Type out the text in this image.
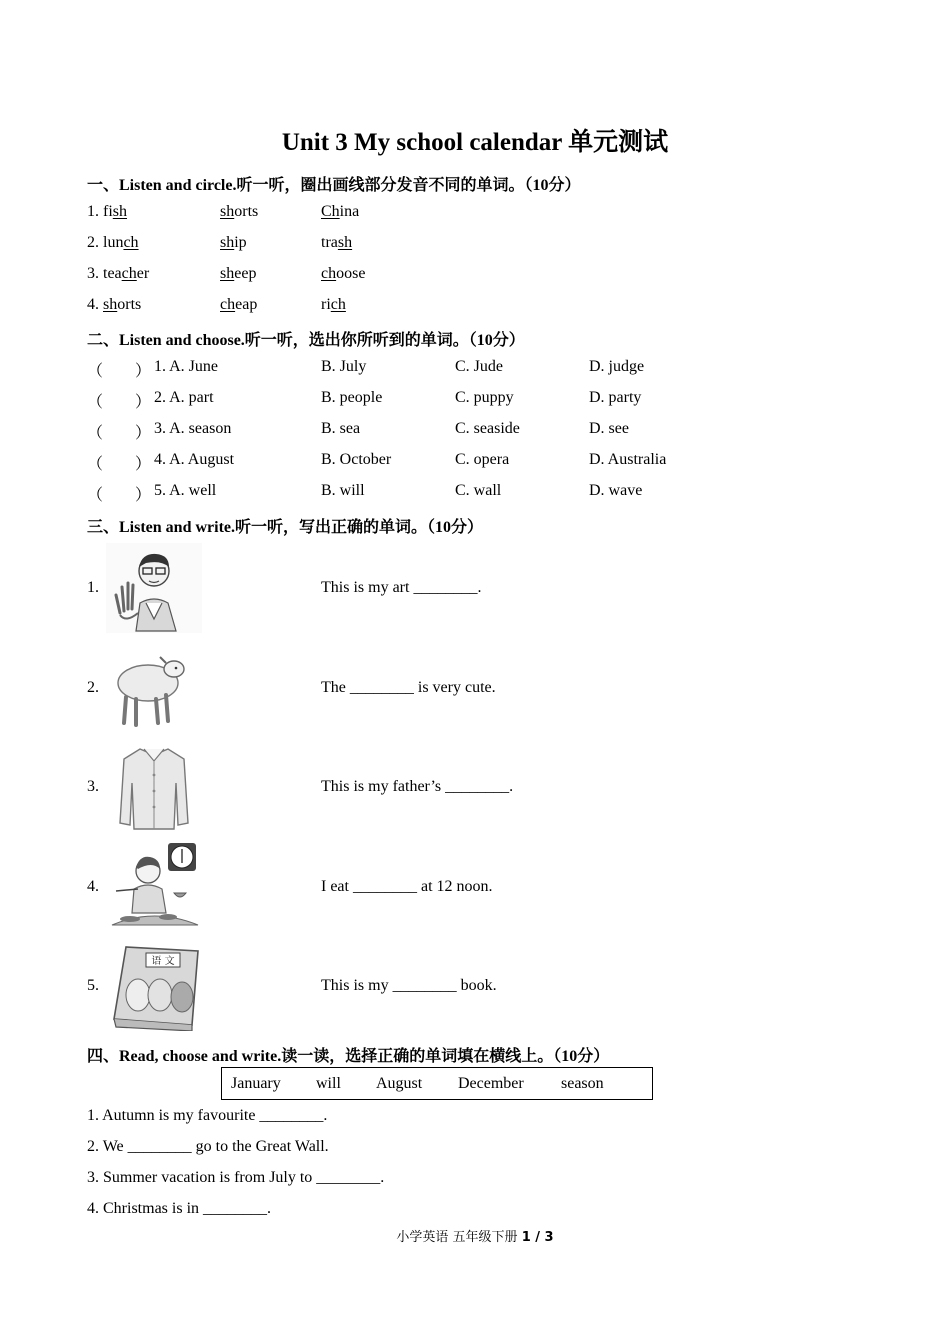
Unit 3 My school calendar 单元测试
一、Listen and circle.听一听，圈出画线部分发音不同的单词。（10分）
1. fish	shorts	China
2. lunch	ship	trash
3. teacher	sheep	choose
4. shorts	cheap	rich
二、Listen and choose.听一听，选出你所听到的单词。（10分）
（　　） 1. A. June	B. July	C. Jude	D. judge
（　　） 2. A. part	B. people	C. puppy	D. party
（　　） 3. A. season	B. sea	C. seaside	D. see
（　　） 4. A. August	B. October	C. opera	D. Australia
（　　） 5. A. well	B. will	C. wall	D. wave
三、Listen and write.听一听，写出正确的单词。（10分）
语 文
1.	This is my art ________.
2.	The ________ is very cute.
3.	This is my father’s ________.
4.	I eat ________ at 12 noon.
5.	This is my ________ book.
四、Read, choose and write.读一读，选择正确的单词填在横线上。（10分）
January will August December season
1. Autumn is my favourite ________.
2. We ________ go to the Great Wall.
3. Summer vacation is from July to ________.
4. Christmas is in ________.
小学英语 五年级下册 1 / 3
